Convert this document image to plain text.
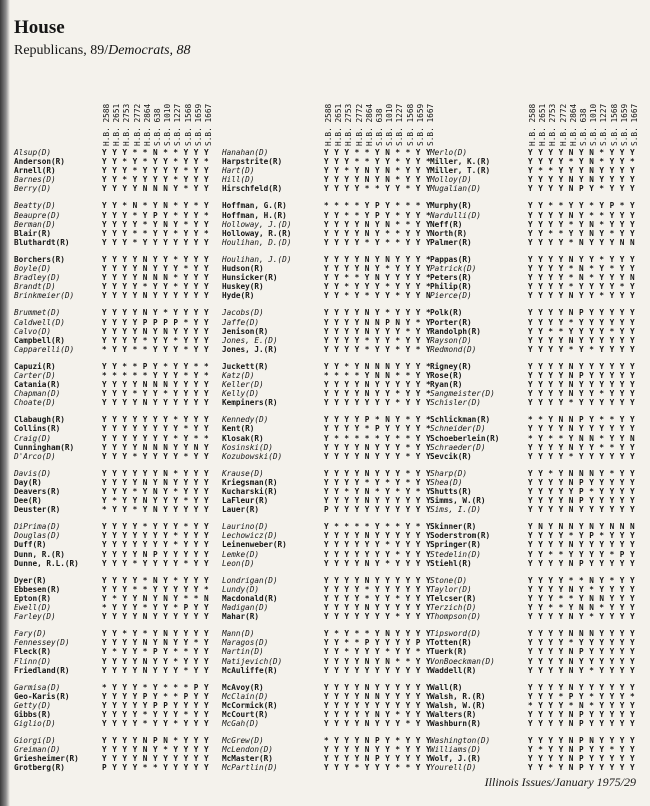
House
Republicans, 89/Democrats, 88
H.B. 2588 H.B. 2651 H.B. 2753 H.B. 2772 H.B. 2864 S.B. 638 S.B. 1010 S.B. 1227 S.B. 1568 S.B. 1659 S.B. 1667
Alsup(D)	Y Y Y * * N * * Y Y Y
Anderson(R)	Y Y * Y * Y Y * Y Y *
Arnell(R)	Y Y Y * Y Y Y Y * Y Y
Barnes(D)	Y Y * Y Y Y Y * Y Y Y
Berry(D)	Y Y Y Y N N N Y * Y Y
Beatty(D)	Y Y * N * Y N * Y * Y
Beaupre(D)	Y Y Y * Y P Y * Y Y *
Berman(D)	Y Y Y Y * Y N Y * Y Y
Blair(R)	Y Y Y * * Y Y * Y Y *
Bluthardt(R)	Y Y Y * Y Y Y Y Y Y Y
Borchers(R)	Y Y Y Y N Y Y * Y Y Y
Boyle(D)	Y Y Y Y N Y Y Y * Y Y
Bradley(D)	Y Y Y Y N N N * Y Y Y
Brandt(D)	Y Y Y Y * Y Y * Y Y Y
Brinkmeier(D)	Y Y Y Y N Y Y Y Y Y Y
Brummet(D)	Y Y Y Y N Y * Y Y Y Y
Caldwell(D)	Y Y Y Y P P P P * Y Y
Calvo(D)	Y Y Y Y N Y N Y Y Y Y
Campbell(R)	Y Y Y Y * Y Y * Y Y Y
Capparelli(D)	* Y Y * * Y Y Y * Y Y
Capuzi(R)	Y Y * * P Y * Y Y * *
Carter(D)	* * * * * Y Y Y * Y *
Catania(R)	Y Y Y Y N N N Y Y Y Y
Chapman(D)	Y Y Y * Y Y * Y Y Y Y
Choate(D)	Y Y Y Y N Y Y Y Y Y Y
Clabaugh(R)	Y Y Y Y Y Y Y * Y Y Y
Collins(R)	Y Y Y Y Y Y Y Y * Y Y
Craig(D)	Y Y Y Y Y Y Y * Y * *
Cunningham(R)	Y Y Y Y N N N Y Y N Y
D'Arco(D)	Y Y Y * Y Y Y Y * Y Y
Davis(D)	Y Y Y Y Y Y N * Y Y Y
Day(R)	Y Y Y Y N Y N Y Y Y Y
Deavers(R)	Y Y Y * Y N Y * Y Y Y
Dee(R)	Y * Y Y N Y Y Y * Y Y
Deuster(R)	* Y Y * Y N Y Y Y Y Y
DiPrima(D)	Y Y Y Y * Y Y Y * Y Y
Douglas(D)	Y Y Y Y Y Y Y * Y Y Y
Duff(R)	Y Y Y Y Y Y Y * Y Y Y
Dunn, R.(R)	Y Y Y Y N P Y Y Y Y Y
Dunne, R.L.(R)	Y Y Y * Y Y Y Y * Y Y
Dyer(R)	Y Y Y Y * N Y * Y Y Y
Ebbesen(R)	Y Y Y * * Y Y Y Y Y *
Epton(R)	Y * Y Y N Y N Y * * N
Ewell(D)	* Y Y Y * Y Y * P Y Y
Farley(D)	Y Y Y Y N Y Y Y Y Y Y
Fary(D)	Y Y * Y * Y N Y Y Y Y
Fennessey(D)	Y Y Y Y N Y N Y Y * Y
Fleck(R)	Y * Y Y * P Y * * Y Y
Flinn(D)	Y Y Y Y N Y Y * Y Y Y
Friedland(R)	Y Y Y Y N Y Y Y * Y Y
Garmisa(D)	* Y Y Y * Y * * * P Y
Geo-Karis(R)	Y Y Y Y P Y * * P Y Y
Getty(D)	Y Y Y Y Y P P Y Y Y Y
Gibbs(R)	Y Y Y Y * Y Y Y * Y Y
Giglio(D)	Y Y Y Y * Y Y * Y Y Y
Giorgi(D)	Y Y Y Y N P N * Y Y Y
Greiman(D)	Y Y Y Y N Y * Y Y Y Y
Griesheimer(R)	Y Y Y Y N Y Y Y Y Y Y
Grotberg(R)	P Y Y Y * * Y Y Y Y Y
H.B. 2588 H.B. 2651 H.B. 2753 H.B. 2772 H.B. 2864 S.B. 638 S.B. 1010 S.B. 1227 S.B. 1568 S.B. 1659 S.B. 1667
Hanahan(D)	Y Y Y * * Y N * * Y Y
Harpstrite(R)	Y Y Y * * Y Y * Y Y *
Hart(D)	Y Y * Y N Y N * Y Y Y
Hill(D)	Y Y Y Y N Y N * Y Y Y
Hirschfeld(R)	Y Y Y Y * * Y Y * Y Y
Hoffman, G.(R)	* * * * Y P Y * * * Y
Hoffman, H.(R)	Y Y * * Y P Y * Y Y *
Holloway, J.(D)	Y Y Y Y N Y N * * Y Y
Holloway, R.(R)	Y Y Y Y N Y * * Y Y Y
Houlihan, D.(D)	Y Y Y Y * Y * * Y Y Y
Houlihan, J.(D)	Y Y Y Y N Y N Y Y Y *
Hudson(R)	Y Y Y Y N Y * Y Y Y Y
Hunsicker(R)	Y Y * * Y N Y Y Y Y *
Huskey(R)	Y Y * Y Y Y * Y Y Y *
Hyde(R)	Y Y * Y * Y Y * Y Y N
Jacobs(D)	Y Y Y Y N Y * Y Y Y *
Jaffe(D)	Y Y Y Y N N P N Y * Y
Jenison(R)	Y Y Y Y N Y Y Y * Y Y
Jones, E.(D)	Y Y Y Y * Y Y * Y Y Y
Jones, J.(R)	Y Y Y Y * Y Y * Y * Y
Juckett(R)	Y Y * Y N N N Y Y Y *
Katz(D)	* * * * Y N N * * Y Y
Keller(D)	Y Y Y Y N Y Y Y Y Y *
Kelly(D)	Y Y Y Y N Y Y * Y Y *
Kempiners(R)	Y Y Y Y Y Y Y * Y Y Y
Kennedy(D)	Y Y Y Y P * N Y * Y *
Kent(R)	Y Y Y Y * P Y Y Y Y *
Klosak(R)	Y * * * * * Y * * Y Y
Kosinski(D)	Y Y Y Y N Y Y Y * Y Y
Kozubowski(D)	Y Y Y Y N Y Y Y * Y Y
Krause(D)	Y Y Y Y N Y Y Y * Y Y
Kriegsman(R)	Y Y Y Y * Y * Y * Y Y
Kucharski(R)	Y Y * Y N * Y * Y * Y
LaFleur(R)	Y Y Y Y N Y Y Y Y Y Y
Lauer(R)	P Y Y Y Y Y Y Y Y Y Y
Laurino(D)	Y * * * * Y * * Y * Y
Lechowicz(D)	Y Y Y Y N Y Y Y Y Y Y
Leinenweber(R)	Y Y Y Y Y Y * Y Y Y Y
Lemke(D)	Y Y Y Y Y Y Y * Y Y Y
Leon(D)	Y Y Y Y N Y * Y Y Y Y
Londrigan(D)	Y Y Y Y N Y Y Y Y Y Y
Lundy(D)	Y Y Y Y * Y Y Y Y Y Y
Macdonald(R)	Y Y Y Y * Y Y * Y Y Y
Madigan(D)	Y Y Y Y N Y Y Y Y Y Y
Mahar(R)	Y Y Y Y Y Y Y * Y Y Y
Mann(D)	Y * Y * * Y N Y Y Y Y
Maragos(D)	Y Y * * P Y Y Y Y P Y
Martin(D)	Y Y * Y Y Y * Y Y * Y
Matijevich(D)	Y Y Y Y N Y N * * Y Y
McAuliffe(R)	Y Y Y Y Y Y Y Y Y Y Y
McAvoy(R)	Y Y Y Y N Y Y Y Y Y Y
McClain(D)	Y Y Y Y N N Y Y Y Y Y
McCormick(R)	Y Y Y Y Y Y Y Y Y Y Y
McCourt(R)	Y Y Y Y Y N Y * Y Y Y
McGah(D)	Y Y Y Y N Y Y Y * Y Y
McGrew(D)	* Y Y Y N P Y * Y Y Y
McLendon(D)	Y Y Y Y N Y Y * Y Y Y
McMaster(R)	Y Y Y Y N P Y Y Y Y Y
McPartlin(D)	Y Y Y * Y Y Y * * Y Y
H.B. 2588 H.B. 2651 H.B. 2753 H.B. 2772 H.B. 2864 S.B. 638 S.B. 1010 S.B. 1227 S.B. 1568 S.B. 1659 S.B. 1667
Merlo(D)	Y Y Y Y N Y N * Y Y Y
Miller, K.(R)	Y Y Y Y * Y N * Y Y *
Miller, T.(R)	Y * * Y Y Y N Y Y Y Y
Molloy(D)	Y Y Y Y N Y N Y Y Y Y
Mugalian(D)	Y Y Y Y N P Y * Y Y Y
Murphy(R)	Y Y * * Y Y * Y P * Y
Nardulli(D)	Y Y Y Y N Y * * Y Y Y
Neff(R)	Y Y Y Y * Y N * Y Y Y
North(R)	Y Y * * Y Y N Y * Y Y
Palmer(R)	Y Y Y Y * N Y Y Y N N
Pappas(R)	Y Y Y Y N Y Y * Y Y Y
Patrick(D)	Y Y Y Y * N * Y * Y Y
Peters(R)	Y Y Y Y * N * Y Y Y N
Philip(R)	Y Y Y Y * Y Y Y Y * Y
Pierce(D)	Y Y Y Y N Y Y * Y Y Y
Polk(R)	Y Y Y Y N P Y Y Y Y Y
Porter(R)	Y Y Y Y * Y Y Y Y Y Y
Randolph(R)	Y Y * * Y Y Y Y * Y Y
Rayson(D)	Y Y Y Y N Y Y Y Y Y Y
Redmond(D)	Y Y Y Y * Y * Y Y Y Y
Rigney(R)	Y Y Y Y N Y Y Y Y Y Y
Rose(R)	Y Y Y Y N P Y Y Y Y Y
Ryan(R)	Y Y Y Y N Y Y Y Y Y Y
Sangmeister(D)	Y Y Y Y N Y Y * Y Y Y
Schisler(D)	Y Y Y Y * Y Y Y Y Y Y
Schlickman(R)	* * Y N N P Y * * Y Y
Schneider(D)	Y Y Y Y N Y Y Y Y Y Y
Schoeberlein(R)	* Y * * Y N N * Y Y N
Schraeder(D)	Y Y Y Y N Y Y * * Y Y
Sevcik(R)	Y Y Y Y * Y Y Y Y Y Y
Sharp(D)	Y Y * Y N N N Y * Y Y
Shea(D)	Y Y Y Y N P Y Y Y Y Y
Shutts(R)	Y Y Y Y Y P * Y Y Y Y
Simms, W.(R)	Y Y Y Y N P Y Y Y Y Y
Sims, I.(D)	Y Y Y Y N Y Y Y Y Y Y
Skinner(R)	Y N Y N N Y N Y N N N
Soderstrom(R)	Y Y Y Y * Y P * Y Y Y
Springer(R)	Y Y Y Y N Y Y Y Y Y Y
Stedelin(D)	Y Y * * Y Y Y Y * P Y
Stiehl(R)	Y Y Y Y N P Y Y Y Y Y
Stone(D)	Y Y Y Y * * N Y * Y Y
Taylor(D)	Y Y Y Y N Y * Y Y Y Y
Telcser(R)	Y Y Y * * Y N N Y Y Y
Terzich(D)	Y Y * * Y N N * Y Y Y
Thompson(D)	Y Y Y Y N Y * Y Y Y Y
Tipsword(D)	Y Y Y Y N N N Y Y Y Y
Totten(R)	Y Y Y Y * Y Y Y Y Y Y
Tuerk(R)	Y Y Y Y N P Y Y Y Y Y
VonBoeckman(D)	Y Y Y Y N Y Y Y Y Y Y
Waddell(R)	Y Y Y Y N Y * Y Y Y Y
Wall(R)	Y Y Y Y N Y Y Y Y Y Y
Walsh, R.(R)	Y Y Y * P Y * Y Y Y *
Walsh, W.(R)	* Y Y Y * N * Y Y Y Y
Walters(R)	Y Y Y Y N P Y Y Y Y Y
Washburn(R)	Y Y Y Y N P Y Y Y Y Y
Washington(D)	Y Y Y Y N P N Y Y Y Y
Williams(D)	Y * Y Y N P Y Y * Y Y
Wolf, J.(R)	Y Y Y Y N P Y Y Y Y Y
Yourell(D)	Y Y * Y N P Y Y Y Y Y
Illinois Issues/January 1975/29
